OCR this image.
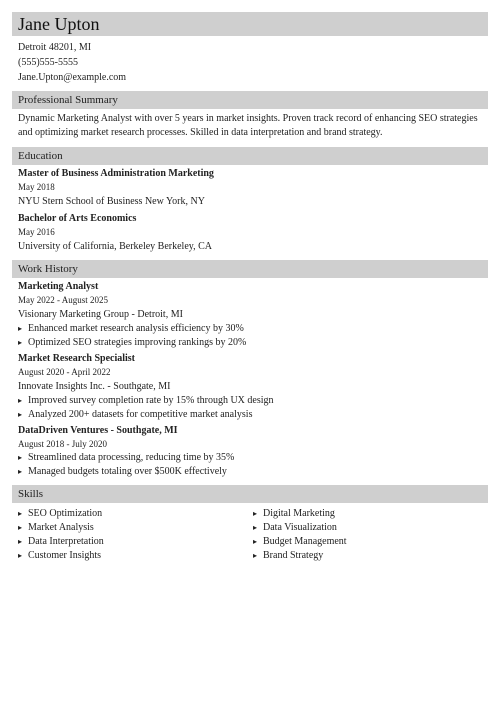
Jane Upton
Detroit 48201, MI
(555)555-5555
Jane.Upton@example.com
Professional Summary
Dynamic Marketing Analyst with over 5 years in market insights. Proven track record of enhancing SEO strategies and optimizing market research processes. Skilled in data interpretation and brand strategy.
Education
Master of Business Administration Marketing
May 2018
NYU Stern School of Business New York, NY
Bachelor of Arts Economics
May 2016
University of California, Berkeley Berkeley, CA
Work History
Marketing Analyst
May 2022 - August 2025
Visionary Marketing Group - Detroit, MI
▸ Enhanced market research analysis efficiency by 30%
▸ Optimized SEO strategies improving rankings by 20%
Market Research Specialist
August 2020 - April 2022
Innovate Insights Inc. - Southgate, MI
▸ Improved survey completion rate by 15% through UX design
▸ Analyzed 200+ datasets for competitive market analysis
DataDriven Ventures - Southgate, MI
August 2018 - July 2020
▸ Streamlined data processing, reducing time by 35%
▸ Managed budgets totaling over $500K effectively
Skills
▸ SEO Optimization
▸ Market Analysis
▸ Data Interpretation
▸ Customer Insights
▸ Digital Marketing
▸ Data Visualization
▸ Budget Management
▸ Brand Strategy
